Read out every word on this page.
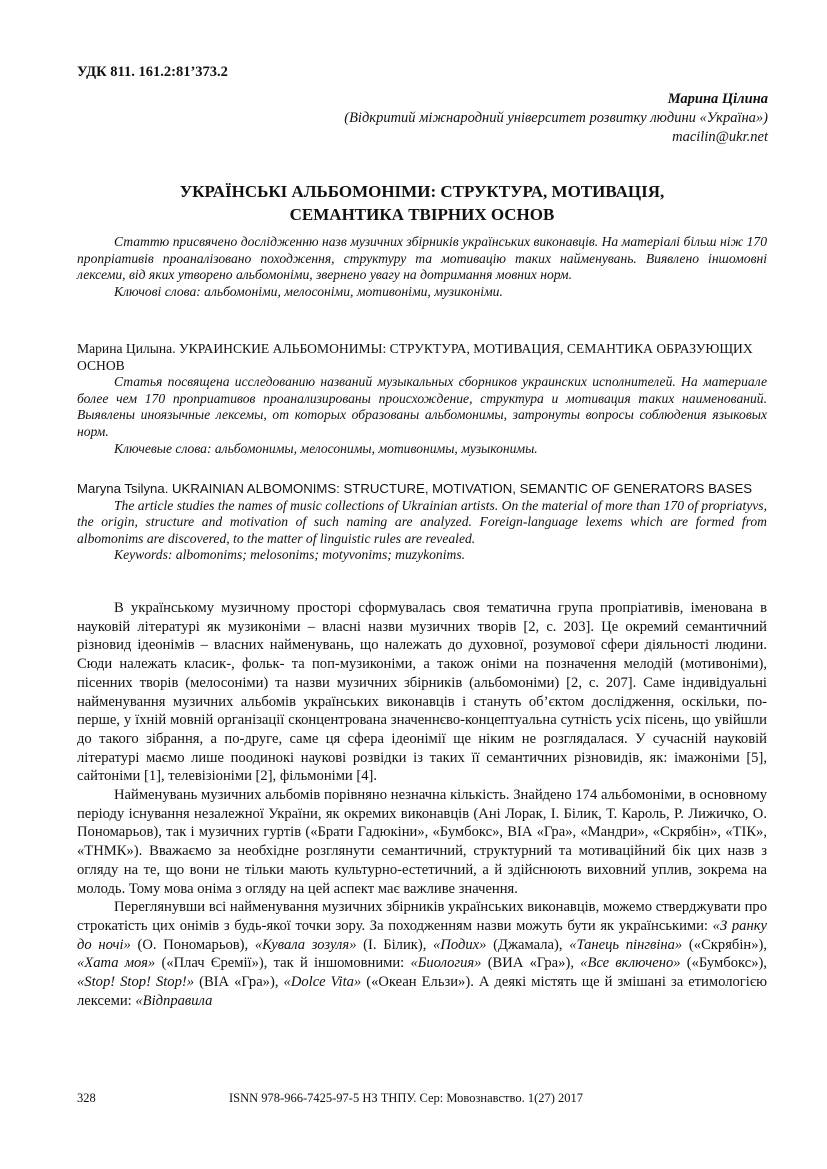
УДК 811. 161.2:81’373.2
Марина Цілина
(Відкритий міжнародний університет розвитку людини «Україна»)
macilin@ukr.net
УКРАЇНСЬКІ АЛЬБОМОНІМИ: СТРУКТУРА, МОТИВАЦІЯ,
СЕМАНТИКА ТВІРНИХ ОСНОВ
Статтю присвячено дослідженню назв музичних збірників українських виконавців. На матеріалі більш ніж 170 пропріативів проаналізовано походження, структуру та мотивацію таких найменувань. Виявлено іншомовні лексеми, від яких утворено альбомоніми, звернено увагу на дотримання мовних норм.
Ключові слова: альбомоніми, мелосоніми, мотивоніми, музиконіми.
Марина Цилына. УКРАИНСКИЕ АЛЬБОМОНИМЫ: СТРУКТУРА, МОТИВАЦИЯ, СЕМАНТИКА ОБРАЗУЮЩИХ ОСНОВ
Статья посвящена исследованию названий музыкальных сборников украинских исполнителей. На материале более чем 170 проприативов проанализированы происхождение, структура и мотивация таких наименований. Выявлены иноязычные лексемы, от которых образованы альбомонимы, затронуты вопросы соблюдения языковых норм.
Ключевые слова: альбомонимы, мелосонимы, мотивонимы, музыконимы.
Maryna Tsilyna. UKRAINIAN ALBOMONIMS: STRUCTURE, MOTIVATION, SEMANTIC OF GENERATORS BASES
The article studies the names of music collections of Ukrainian artists. On the material of more than 170 of propriatyvs, the origin, structure and motivation of such naming are analyzed. Foreign-language lexems which are formed from albomonims are discovered, to the matter of linguistic rules are revealed.
Keywords: albomonims; melosonims; motyvonims; muzykonims.

В українському музичному просторі сформувалась своя тематична група пропріативів, іменована в науковій літературі як музиконіми – власні назви музичних творів [2, с. 203]. Це окремий семантичний різновид ідеонімів – власних найменувань, що належать до духовної, розумової сфери діяльності людини. Сюди належать класик-, фольк- та поп-музиконіми, а також оніми на позначення мелодій (мотивоніми), пісенних творів (мелосоніми) та назви музичних збірників (альбомоніми) [2, с. 207]. Саме індивідуальні найменування музичних альбомів українських виконавців і стануть об’єктом дослідження, оскільки, по-перше, у їхній мовній організації сконцентрована значеннєво-концептуальна сутність усіх пісень, що увійшли до такого зібрання, а по-друге, саме ця сфера ідеонімії ще ніким не розглядалася. У сучасній науковій літературі маємо лише поодинокі наукові розвідки із таких її семантичних різновидів, як: імажоніми [5], сайтоніми [1], телевізіоніми [2], фільмоніми [4].

Найменувань музичних альбомів порівняно незначна кількість. Знайдено 174 альбомоніми, в основному періоду існування незалежної України, як окремих виконавців (Ані Лорак, І. Білик, Т. Кароль, Р. Лижичко, О. Пономарьов), так і музичних гуртів («Брати Гадюкіни», «Бумбокс», ВІА «Гра», «Мандри», «Скрябін», «ТІК», «ТНМК»). Вважаємо за необхідне розглянути семантичний, структурний та мотиваційний бік цих назв з огляду на те, що вони не тільки мають культурно-естетичний, а й здійснюють виховний уплив, зокрема на молодь. Тому мова оніма з огляду на цей аспект має важливе значення.

Переглянувши всі найменування музичних збірників українських виконавців, можемо стверджувати про строкатість цих онімів з будь-якої точки зору. За походженням назви можуть бути як українськими: «З ранку до ночі» (О. Пономарьов), «Кувала зозуля» (І. Білик), «Подих» (Джамала), «Танець пінгвіна» («Скрябін»), «Хата моя» («Плач Єремії»), так й іншомовними: «Биология» (ВИА «Гра»), «Все включено» («Бумбокс»), «Stop! Stop! Stop!» (ВІА «Гра»), «Dolce Vita» («Океан Ельзи»). А деякі містять ще й змішані за етимологією лексеми: «Відправила

328	ISNN 978-966-7425-97-5 НЗ ТНПУ. Сер: Мовознавство. 1(27) 2017
